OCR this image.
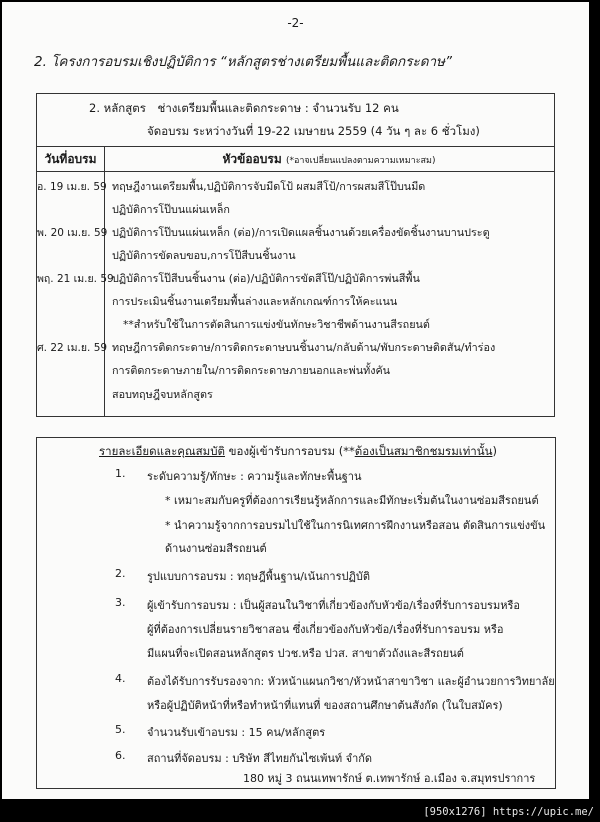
-2-
2. โครงการอบรมเชิงปฏิบัติการ “หลักสูตรช่างเตรียมพื้นและติดกระดาษ”
2. หลักสูตร ช่างเตรียมพื้นและติดกระดาษ : จำนวนรับ 12 คน
จัดอบรม ระหว่างวันที่ 19-22 เมษายน 2559 (4 วัน ๆ ละ 6 ชั่วโมง)
วันที่อบรม	หัวข้ออบรม (*อาจเปลี่ยนแปลงตามความเหมาะสม)
อ. 19 เม.ย. 59 ทฤษฎีงานเตรียมพื้น,ปฏิบัติการจับมีดโป้ ผสมสีโป้/การผสมสีโป๊บนมีด
ปฏิบัติการโป๊บนแผ่นเหล็ก
พ. 20 เม.ย. 59 ปฏิบัติการโป๊บนแผ่นเหล็ก (ต่อ)/การเปิดแผลชิ้นงานด้วยเครื่องขัดชิ้นงานบานประตู
ปฏิบัติการขัดลบขอบ,การโป๊สีบนชิ้นงาน
พฤ. 21 เม.ย. 59
ปฏิบัติการโป๊สีบนชิ้นงาน (ต่อ)/ปฏิบัติการขัดสีโป๊/ปฏิบัติการพ่นสีพื้น
การประเมินชิ้นงานเตรียมพื้นล่างและหลักเกณฑ์การให้คะแนน
**สำหรับใช้ในการตัดสินการแข่งขันทักษะวิชาชีพด้านงานสีรถยนต์
ศ. 22 เม.ย. 59 ทฤษฎีการติดกระดาษ/การติดกระดาษบนชิ้นงาน/กลับด้าน/พับกระดาษติดสัน/ทำร่อง
การติดกระดาษภายใน/การติดกระดาษภายนอกและพ่นทั้งคัน
สอบทฤษฎีจบหลักสูตร
รายละเอียดและคุณสมบัติ ของผู้เข้ารับการอบรม (**ต้องเป็นสมาชิกชมรมเท่านั้น)
1. ระดับความรู้/ทักษะ : ความรู้และทักษะพื้นฐาน
* เหมาะสมกับครูที่ต้องการเรียนรู้หลักการและมีทักษะเริ่มต้นในงานซ่อมสีรถยนต์
* นำความรู้จากการอบรมไปใช้ในการนิเทศการฝึกงานหรือสอน ตัดสินการแข่งขัน
ด้านงานซ่อมสีรถยนต์
2. รูปแบบการอบรม : ทฤษฎีพื้นฐาน/เน้นการปฏิบัติ
3. ผู้เข้ารับการอบรม : เป็นผู้สอนในวิชาที่เกี่ยวข้องกับหัวข้อ/เรื่องที่รับการอบรมหรือ
ผู้ที่ต้องการเปลี่ยนรายวิชาสอน ซึ่งเกี่ยวข้องกับหัวข้อ/เรื่องที่รับการอบรม หรือ
มีแผนที่จะเปิดสอนหลักสูตร ปวช.หรือ ปวส. สาขาตัวถังและสีรถยนต์
4. ต้องได้รับการรับรองจาก: หัวหน้าแผนกวิชา/หัวหน้าสาขาวิชา และผู้อำนวยการวิทยาลัย
หรือผู้ปฏิบัติหน้าที่หรือทำหน้าที่แทนที่ ของสถานศึกษาต้นสังกัด (ในใบสมัคร)
5. จำนวนรับเข้าอบรม : 15 คน/หลักสูตร
6. สถานที่จัดอบรม : บริษัท สีไทยกันไซเพ้นท์ จำกัด
180 หมู่ 3 ถนนเทพารักษ์ ต.เทพารักษ์ อ.เมือง จ.สมุทรปราการ
[950x1276] https://upic.me/
